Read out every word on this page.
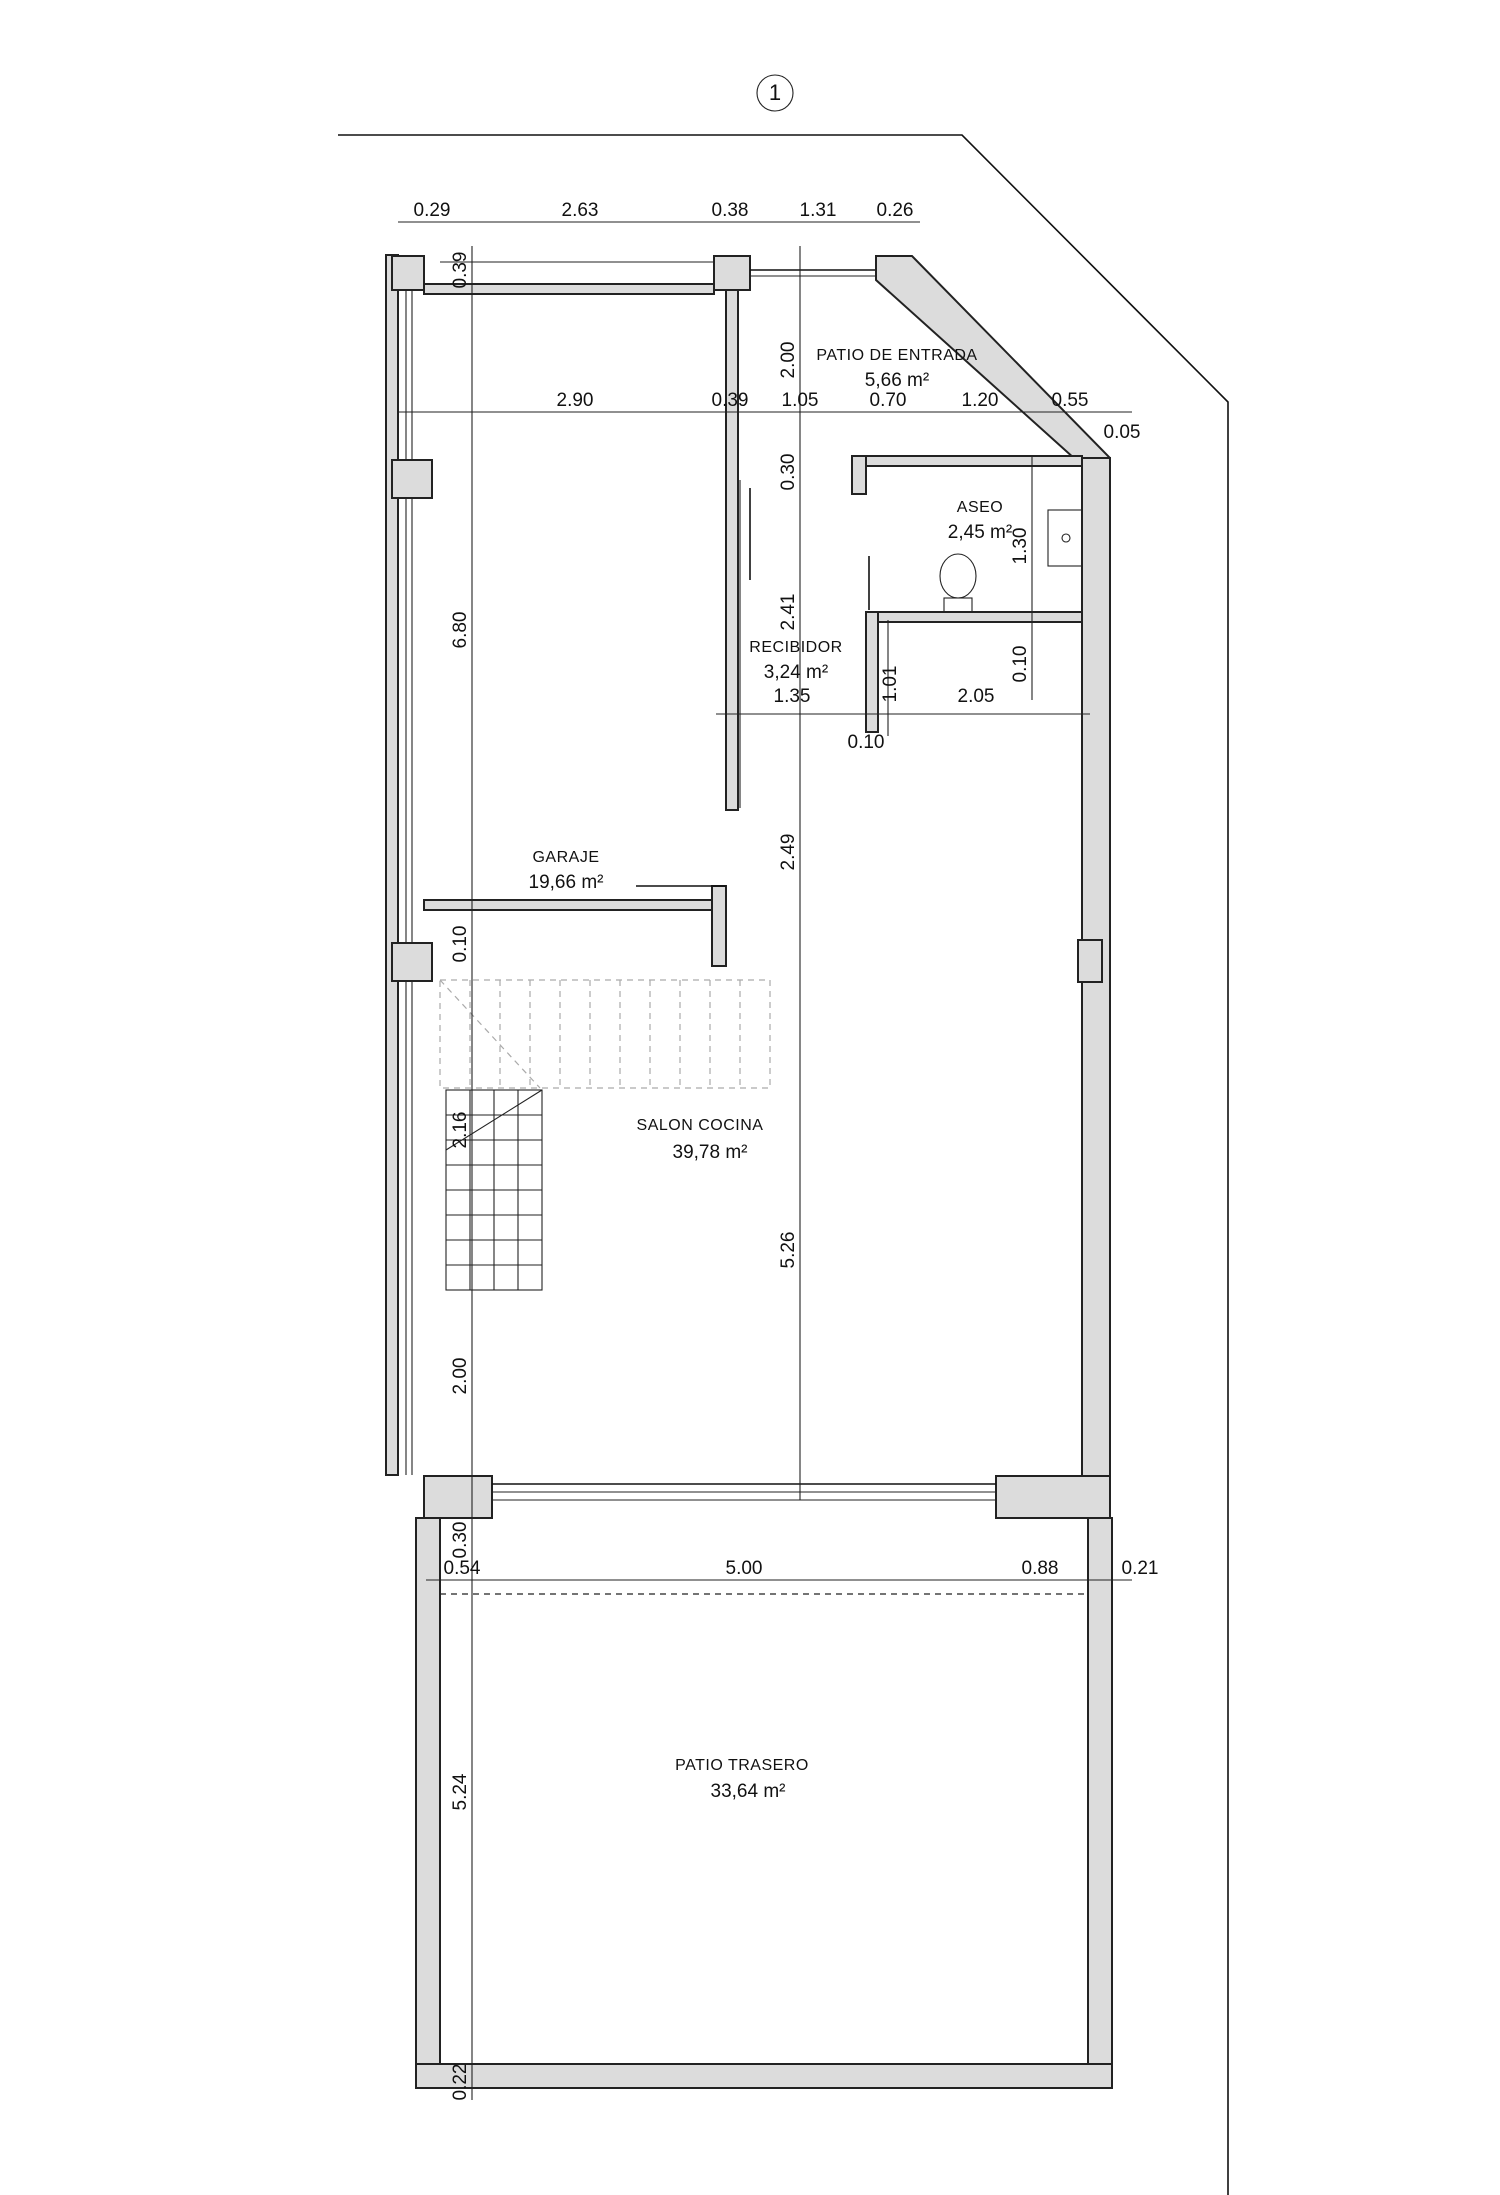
1
0.29	2.63	0.38	1.31 0.26
2.90	0.39 1.05	0.70	1.20	0.55
0.05
1.35	2.05
0.10
0.54	5.00	0.88	0.21
0.39
6.80
0.10
2.16
2.00
0.30
5.24
0.22
2.00
0.30
2.41
2.49
5.26
1.30
0.10
1.01
PATIO DE ENTRADA
5,66 m²
ASEO
2,45 m²
RECIBIDOR
3,24 m²
GARAJE
19,66 m²
SALON COCINA
39,78 m²
PATIO TRASERO
33,64 m²
